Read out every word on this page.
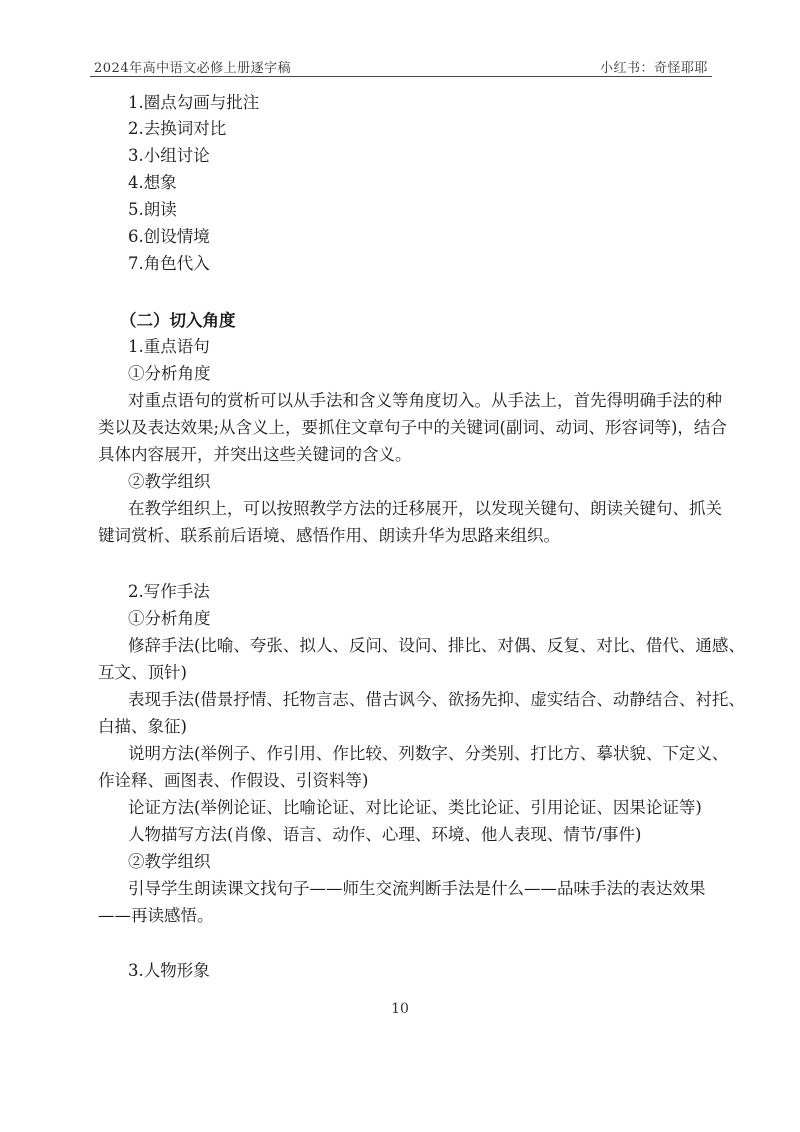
2024年高中语文必修上册逐字稿	小红书：奇怪耶耶
1.圈点勾画与批注
2.去换词对比
3.小组讨论
4.想象
5.朗读
6.创设情境
7.角色代入
（二）切入角度
1.重点语句
①分析角度
对重点语句的赏析可以从手法和含义等角度切入。从手法上，首先得明确手法的种
类以及表达效果;从含义上，要抓住文章句子中的关键词(副词、动词、形容词等)，结合
具体内容展开，并突出这些关键词的含义。
②教学组织
在教学组织上，可以按照教学方法的迁移展开，以发现关键句、朗读关键句、抓关
键词赏析、联系前后语境、感悟作用、朗读升华为思路来组织。
2.写作手法
①分析角度
修辞手法(比喻、夸张、拟人、反问、设问、排比、对偶、反复、对比、借代、通感、
互文、顶针)
表现手法(借景抒情、托物言志、借古讽今、欲扬先抑、虚实结合、动静结合、衬托、
白描、象征)
说明方法(举例子、作引用、作比较、列数字、分类别、打比方、摹状貌、下定义、
作诠释、画图表、作假设、引资料等)
论证方法(举例论证、比喻论证、对比论证、类比论证、引用论证、因果论证等)
人物描写方法(肖像、语言、动作、心理、环境、他人表现、情节/事件)
②教学组织
引导学生朗读课文找句子——师生交流判断手法是什么——品味手法的表达效果
——再读感悟。
3.人物形象
10
